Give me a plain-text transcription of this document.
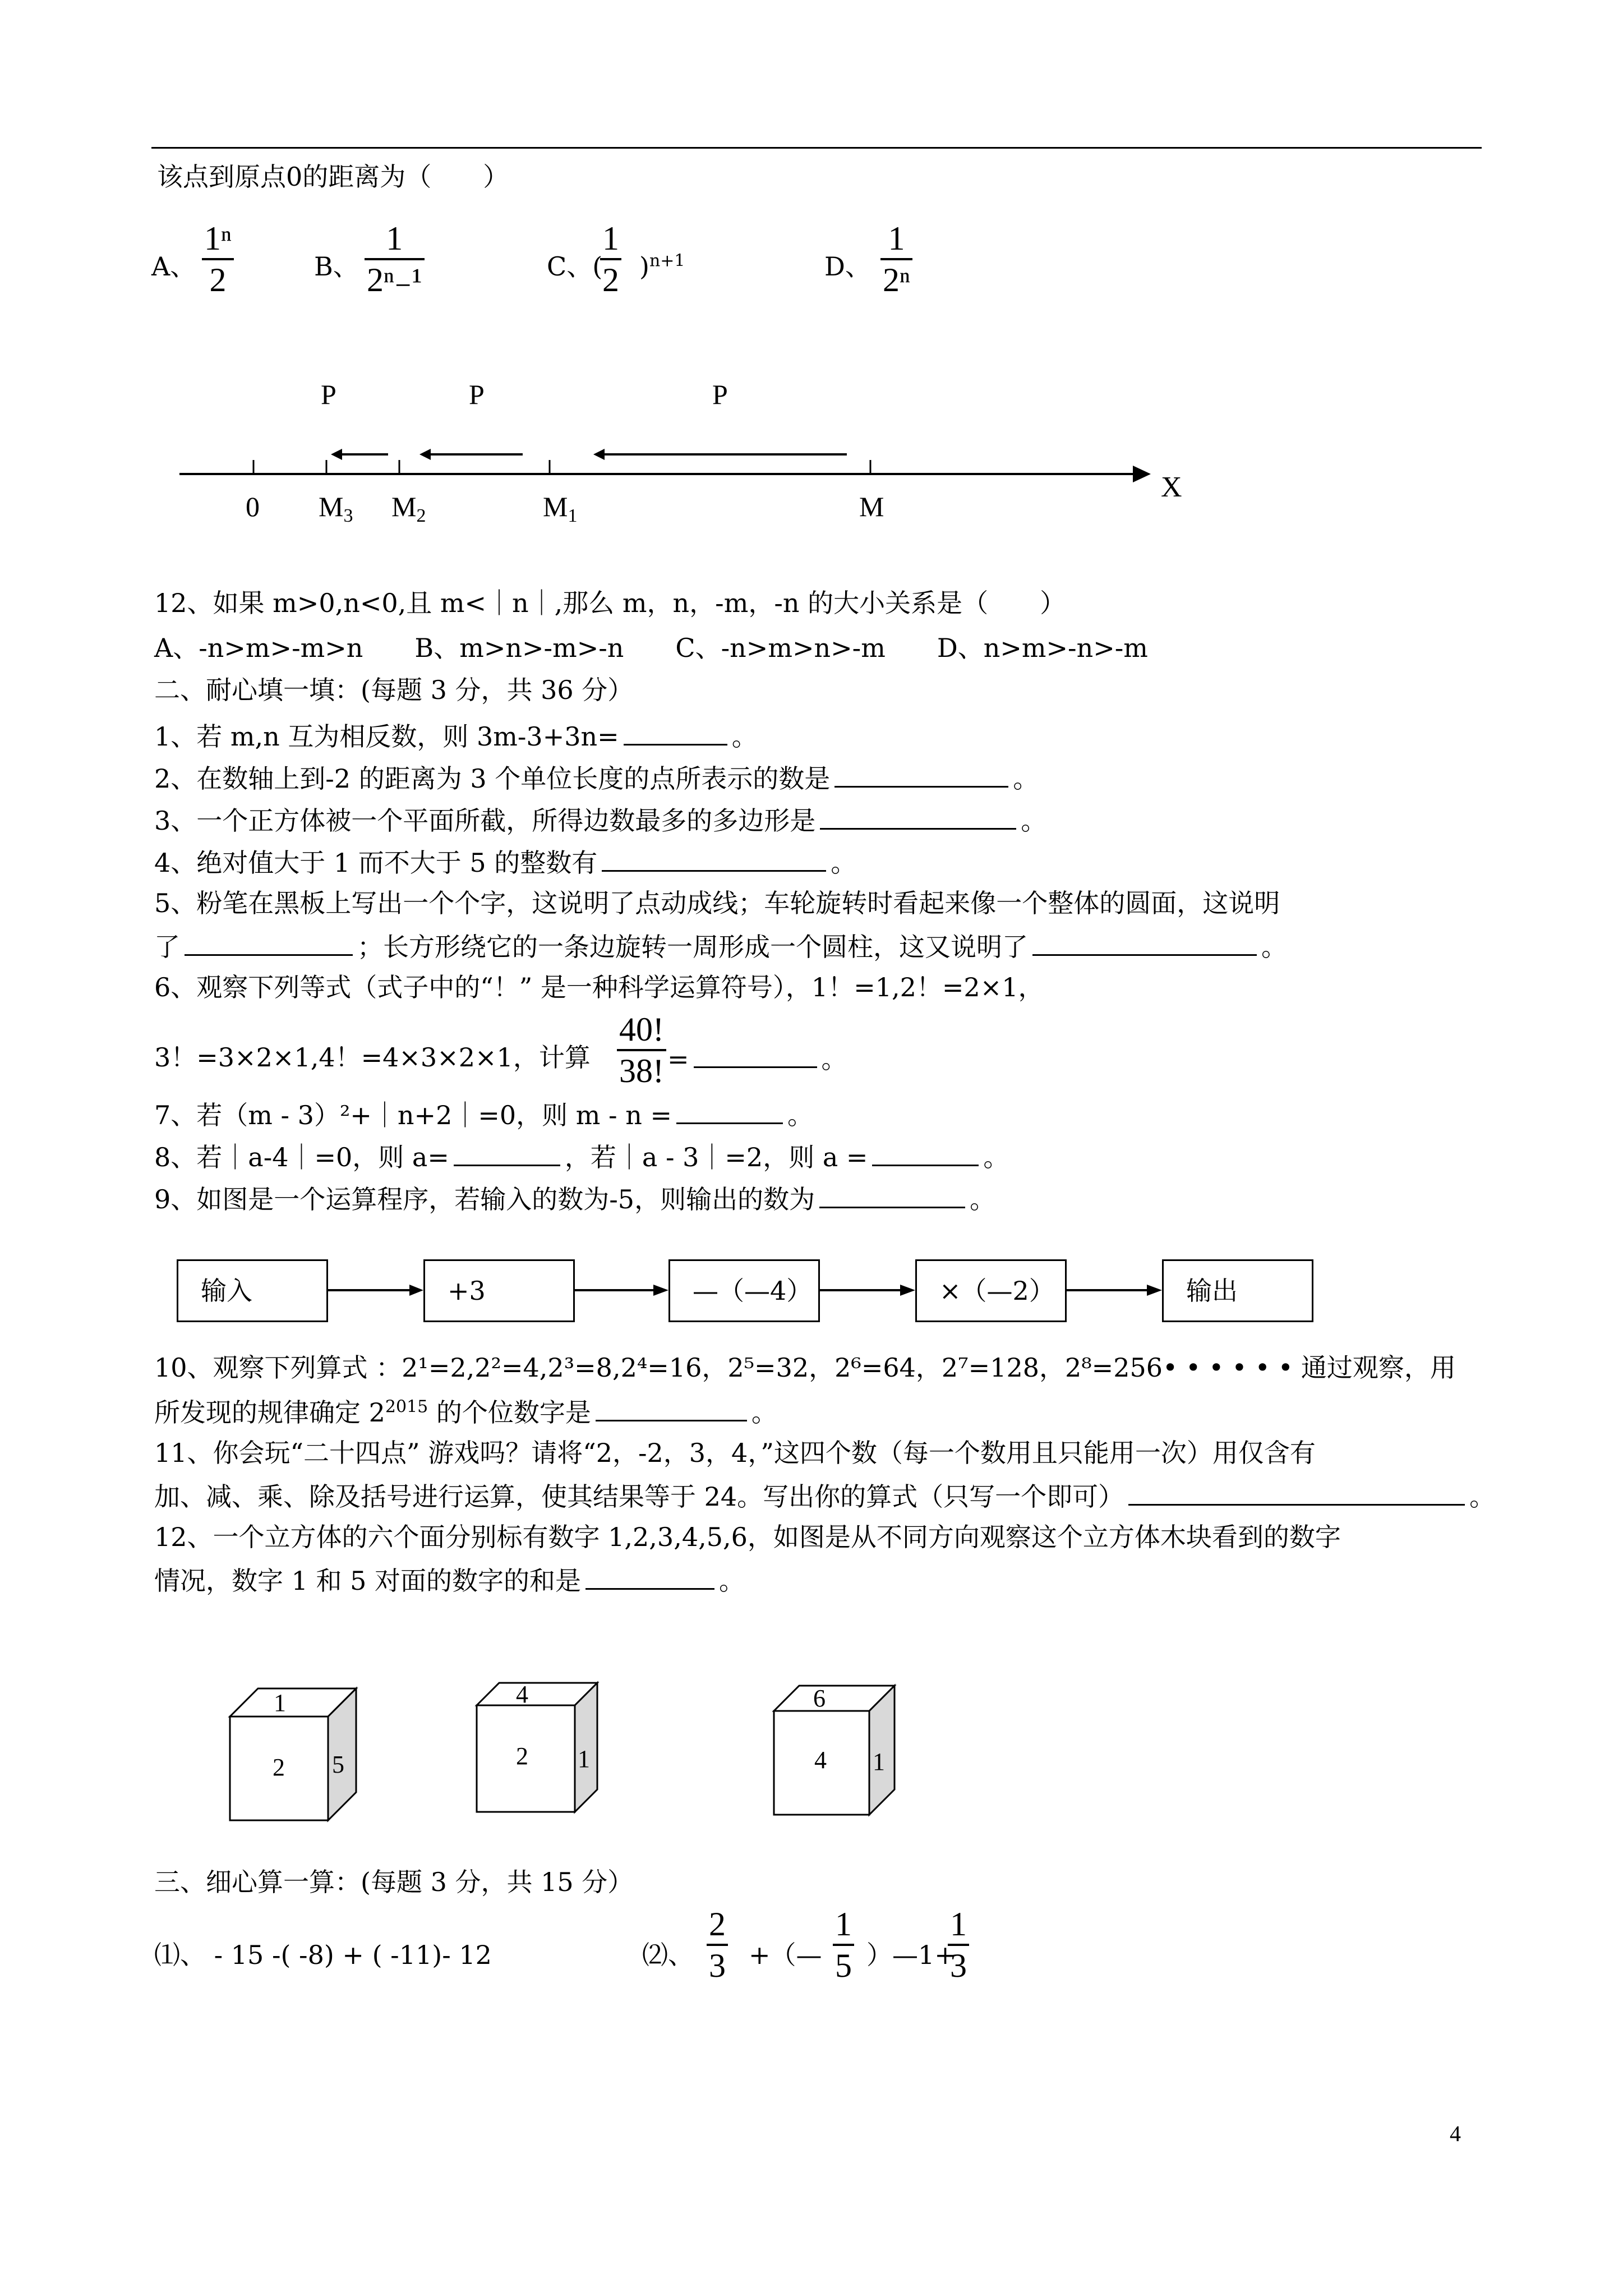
该点到原点0的距离为（　　）
A、 $\frac{\text{1ⁿ}}{2}$	B、 $\frac{1}{\text{2ⁿ₋¹}}$	C、(
$\frac{1}{2} )^{n+1}$	D、 $\frac{1}{\text{2ⁿ}}$
P	P	P
0 $M_3$ $M_2$	$M_1$	M
X
12、如果 m>0,n<0,且 m<｜n｜,那么 m，n，-m，-n 的大小关系是（　　）
A、-n>m>-m>n　　B、m>n>-m>-n　　C、-n>m>n>-m　　D、n>m>-n>-m
二、耐心填一填：(每题 3 分，共 36 分）
1、若 m,n 互为相反数，则 3m-3+3n=	。
2、在数轴上到-2 的距离为 3 个单位长度的点所表示的数是	。
3、一个正方体被一个平面所截，所得边数最多的多边形是	。
4、绝对值大于 1 而不大于 5 的整数有	。
5、粉笔在黑板上写出一个个字，这说明了点动成线；车轮旋转时看起来像一个整体的圆面，这说明
了	；长方形绕它的一条边旋转一周形成一个圆柱，这又说明了	。
6、观察下列等式（式子中的“！” 是一种科学运算符号），1！=1,2！=2×1，
3！=3×2×1,4！=4×3×2×1，计算 $\frac{40!}{38!}$ =	。
7、若（m - 3）²+｜n+2｜=0，则 m - n =	。
8、若｜a-4｜=0，则 a=	，若｜a - 3｜=2，则 a =	。
9、如图是一个运算程序，若输入的数为-5，则输出的数为	。
输入	+3	—（—4）	×（—2）	输出
10、观察下列算式 ：2¹=2,2²=4,2³=8,2⁴=16，2⁵=32，2⁶=64，2⁷=128，2⁸=256••••••通过观察，用
所发现的规律确定 $2^{2015}$ 的个位数字是	。
11、你会玩“二十四点” 游戏吗？请将“2，-2，3，4，”这四个数（每一个数用且只能用一次）用仅含有
加、减、乘、除及括号进行运算，使其结果等于 24。写出你的算式（只写一个即可）	。
12、一个立方体的六个面分别标有数字 1,2,3,4,5,6，如图是从不同方向观察这个立方体木块看到的数字
情况，数字 1 和 5 对面的数字的和是	。
1
2 5
4
2 1
6
4 1
三、细心算一算：(每题 3 分，共 15 分）
⑴、 - 15 -( -8) + ( -11)- 12	⑵、 $\frac{2}{3}$ +（— $\frac{1}{5}$ ）—1+
$\frac{1}{3}$
4
